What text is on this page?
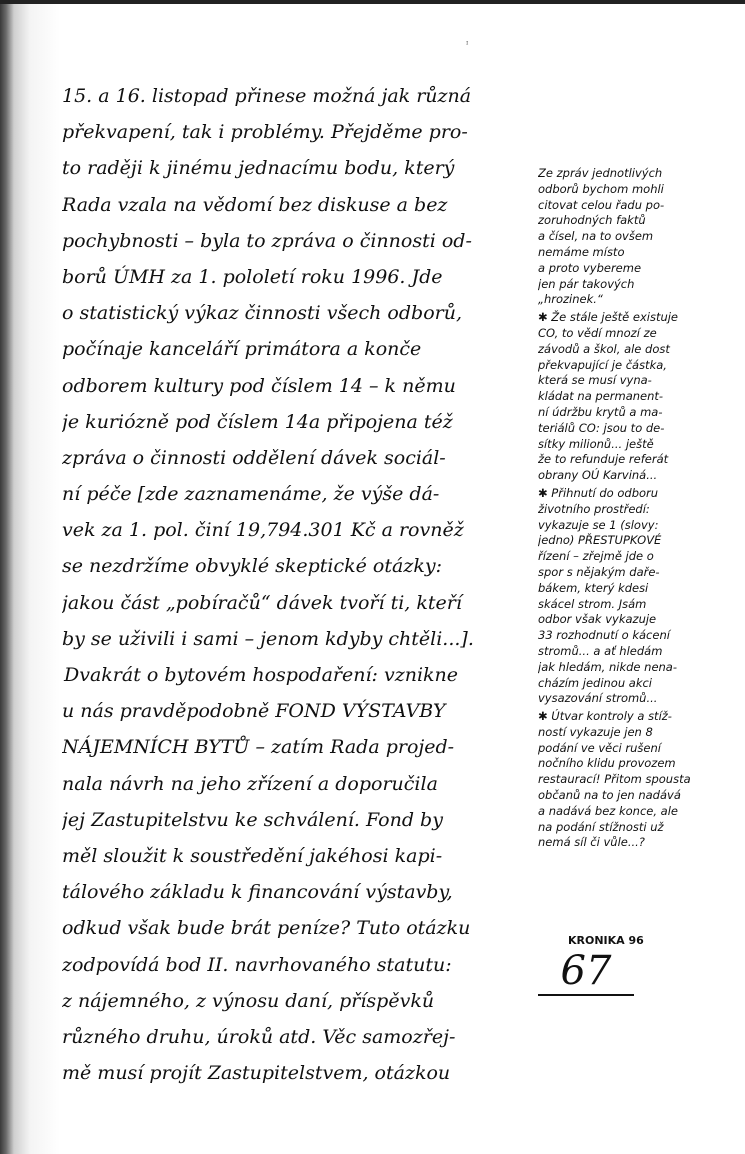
ᶦ
15. a 16. listopad přinese možná jak různá
překvapení, tak i problémy. Přejděme pro-
to raději k jinému jednacímu bodu, který
Rada vzala na vědomí bez diskuse a bez
pochybnosti – byla to zpráva o činnosti od-
borů ÚMH za 1. pololetí roku 1996. Jde
o statistický výkaz činnosti všech odborů,
počínaje kanceláří primátora a konče
odborem kultury pod číslem 14 – k němu
je kuriózně pod číslem 14a připojena též
zpráva o činnosti oddělení dávek sociál-
ní péče [zde zaznamenáme, že výše dá-
vek za 1. pol. činí 19,794.301 Kč a rovněž
se nezdržíme obvyklé skeptické otázky:
jakou část „pobíračů“ dávek tvoří ti, kteří
by se uživili i sami – jenom kdyby chtěli...].
Dvakrát o bytovém hospodaření: vznikne
u nás pravděpodobně FOND VÝSTAVBY
NÁJEMNÍCH BYTŮ – zatím Rada projed-
nala návrh na jeho zřízení a doporučila
jej Zastupitelstvu ke schválení. Fond by
měl sloužit k soustředění jakéhosi kapi-
tálového základu k financování výstavby,
odkud však bude brát peníze? Tuto otázku
zodpovídá bod II. navrhovaného statutu:
z nájemného, z výnosu daní, příspěvků
různého druhu, úroků atd. Věc samozřej-
mě musí projít Zastupitelstvem, otázkou
Ze zpráv jednotlivých
odborů bychom mohli
citovat celou řadu po-
zoruhodných faktů
a čísel, na to ovšem
nemáme místo
a proto vybereme
jen pár takových
„hrozinek.“
✱ Že stále ještě existuje
CO, to vědí mnozí ze
závodů a škol, ale dost
překvapující je částka,
která se musí vyna-
kládat na permanent-
ní údržbu krytů a ma-
teriálů CO: jsou to de-
sítky milionů... ještě
že to refunduje referát
obrany OÚ Karviná...
✱ Přihnutí do odboru
životního prostředí:
vykazuje se 1 (slovy:
jedno) PŘESTUPKOVÉ
řízení – zřejmě jde o
spor s nějakým daře-
bákem, který kdesi
skácel strom. Jsám
odbor však vykazuje
33 rozhodnutí o kácení
stromů... a ať hledám
jak hledám, nikde nena-
cházím jedinou akci
vysazování stromů...
✱ Útvar kontroly a stíž-
ností vykazuje jen 8
podání ve věci rušení
nočního klidu provozem
restaurací! Přitom spousta
občanů na to jen nadává
a nadává bez konce, ale
na podání stížnosti už
nemá síl či vůle...?
KRONIKA 96
67
